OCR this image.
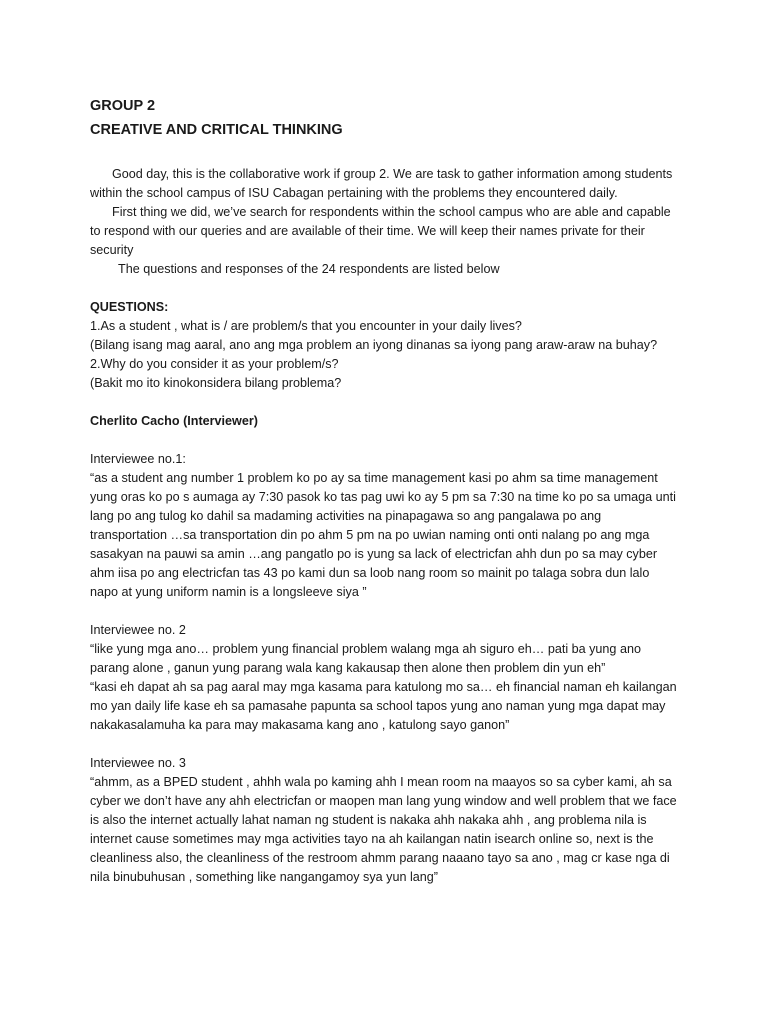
GROUP 2

CREATIVE AND CRITICAL THINKING

Good day, this is the collaborative work if group 2. We are task to gather information among students within the school campus of ISU Cabagan pertaining with the problems they encountered daily.

First thing we did, we’ve search for respondents within the school campus who are able and capable to respond with our queries and are available of their time. We will keep their names private for their security

The questions and responses of the 24 respondents are listed below

QUESTIONS:

1.As a student , what is / are problem/s that you encounter in your daily lives?

(Bilang isang mag aaral, ano ang mga problem an iyong dinanas sa iyong pang araw-araw na buhay?

2.Why do you consider it as your problem/s?

(Bakit mo ito kinokonsidera bilang problema?

Cherlito Cacho (Interviewer)

Interviewee no.1:

“as a student ang number 1 problem ko po ay sa time management kasi po ahm sa time management yung oras ko po s aumaga ay 7:30 pasok ko tas pag uwi ko ay 5 pm sa 7:30 na time ko po sa umaga unti lang po ang tulog ko dahil sa madaming activities na pinapagawa so ang pangalawa po ang transportation …sa transportation din po ahm 5 pm na po uwian naming onti onti nalang po ang mga sasakyan na pauwi sa amin …ang pangatlo po is yung sa lack of electricfan ahh dun po sa may cyber ahm iisa po ang electricfan tas 43 po kami dun sa loob nang room so mainit po talaga sobra dun lalo napo at yung uniform namin is a longsleeve siya ”

Interviewee no. 2

“like yung mga ano… problem yung financial problem walang mga ah siguro eh… pati ba yung ano parang alone , ganun yung parang wala kang kakausap then alone then problem din yun eh”

“kasi eh dapat ah sa pag aaral may mga kasama para katulong mo sa… eh financial naman eh kailangan mo yan daily life kase eh sa pamasahe papunta sa school tapos yung ano naman yung mga dapat may nakakasalamuha ka para may makasama kang ano , katulong sayo ganon”

Interviewee no. 3

“ahmm, as a BPED student , ahhh wala po kaming ahh I mean room na maayos so sa cyber kami, ah sa cyber we don’t have any ahh electricfan or maopen man lang yung window and well problem that we face is also the internet actually lahat naman ng student is nakaka ahh nakaka ahh , ang problema nila is internet cause sometimes may mga activities tayo na ah kailangan natin isearch online so, next is the cleanliness also, the cleanliness of the restroom ahmm parang naaano tayo sa ano , mag cr kase nga di nila binubuhusan , something like nangangamoy sya yun lang”
